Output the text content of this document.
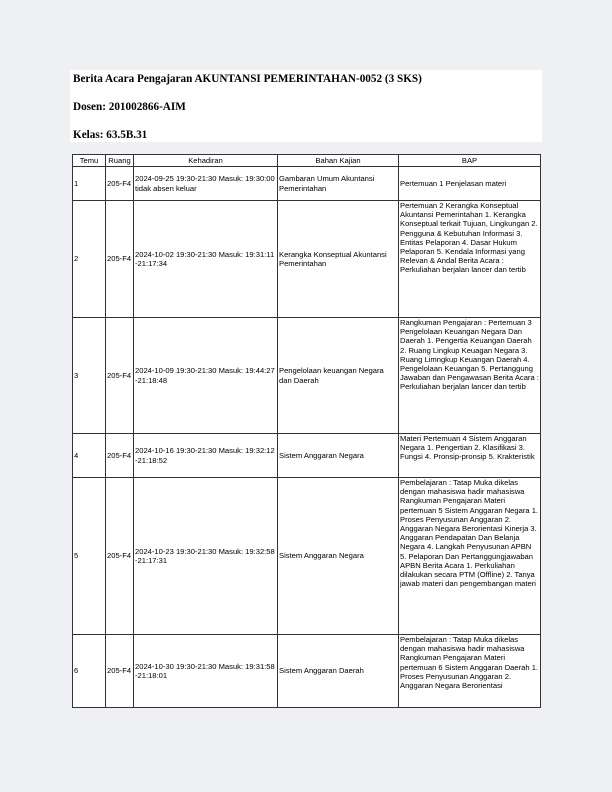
Berita Acara Pengajaran AKUNTANSI PEMERINTAHAN-0052 (3 SKS)
Dosen: 201002866-AIM
Kelas: 63.5B.31
Temu	Ruang	Kehadiran	Bahan Kajian	BAP
1	205-F4	2024-09-25 19:30-21:30 Masuk: 19:30:00 tidak absen keluar	Gambaran Umum Akuntansi Pemerintahan	Pertemuan 1 Penjelasan materi
2	205-F4	2024-10-02 19:30-21:30 Masuk: 19:31:11 -21:17:34	Kerangka Konseptual Akuntansi Pemerintahan	Pertemuan 2 Kerangka Konseptual Akuntansi Pemerintahan 1. Kerangka Konseptual terkait Tujuan, Lingkungan 2. Pengguna & Kebutuhan Informasi 3. Entitas Pelaporan 4. Dasar Hukum Pelaporan 5. Kendala Informasi yang Relevan & Andal Berita Acara : Perkuliahan berjalan lancer dan tertib
3	205-F4	2024-10-09 19:30-21:30 Masuk: 19:44:27 -21:18:48	Pengelolaan keuangan Negara dan Daerah	Rangkuman Pengajaran : Pertemuan 3 Pengelolaan Keuangan Negara Dan Daerah 1. Pengertia Keuangan Daerah 2. Ruang Lingkup Keuagan Negara 3. Ruang Limngkup Keuangan Daerah 4. Pengelolaan Keuangan 5. Pertanggung Jawaban dan Pengawasan Berita Acara : Perkuliahan berjalan lancer dan tertib
4	205-F4	2024-10-16 19:30-21:30 Masuk: 19:32:12 -21:18:52	Sistem Anggaran Negara	Materi Pertemuan 4 Sistem Anggaran Negara 1. Pengertian 2. Klasifikasi 3. Fungsi 4. Pronsip-pronsip 5. Krakteristik
5	205-F4	2024-10-23 19:30-21:30 Masuk: 19:32:58 -21:17:31	Sistem Anggaran Negara	Pembelajaran : Tatap Muka dikelas dengan mahasiswa hadir mahasiswa Rangkuman Pengajaran Materi pertemuan 5 Sistem Anggaran Negara 1. Proses Penyusunan Anggaran 2. Anggaran Negara Berorientasi Kinerja 3. Anggaran Pendapatan Dan Belanja Negara 4. Langkah Penyusunan APBN 5. Pelaporan Dan Pertanggungjawaban APBN Berita Acara 1. Perkuliahan dilakukan secara PTM (Offline) 2. Tanya jawab materi dan pengembangan materi
6	205-F4	2024-10-30 19:30-21:30 Masuk: 19:31:58 -21:18:01	Sistem Anggaran Daerah	Pembelajaran : Tatap Muka dikelas dengan mahasiswa hadir mahasiswa Rangkuman Pengajaran Materi pertemuan 6 Sistem Anggaran Daerah 1. Proses Penyusunan Anggaran 2. Anggaran Negara Berorientasi
